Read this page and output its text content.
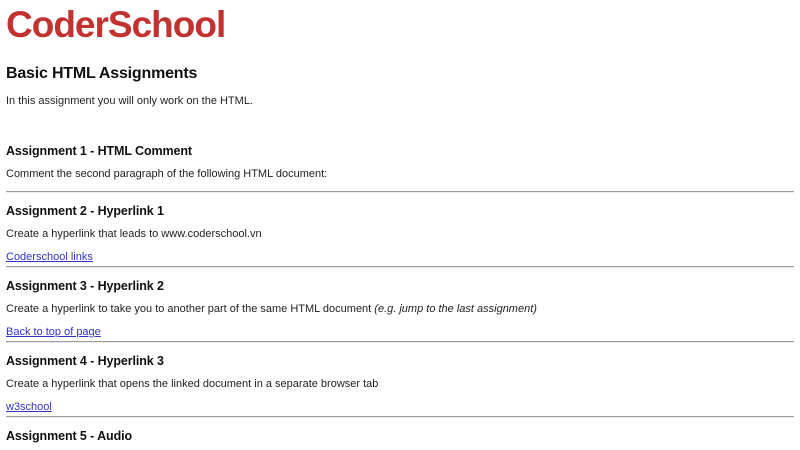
CoderSchool
Basic HTML Assignments

In this assignment you will only work on the HTML.

Assignment 1 - HTML Comment

Comment the second paragraph of the following HTML document:

Assignment 2 - Hyperlink 1

Create a hyperlink that leads to www.coderschool.vn

Coderschool links
Assignment 3 - Hyperlink 2

Create a hyperlink to take you to another part of the same HTML document (e.g. jump to the last assignment)

Back to top of page
Assignment 4 - Hyperlink 3

Create a hyperlink that opens the linked document in a separate browser tab

w3school
Assignment 5 - Audio
